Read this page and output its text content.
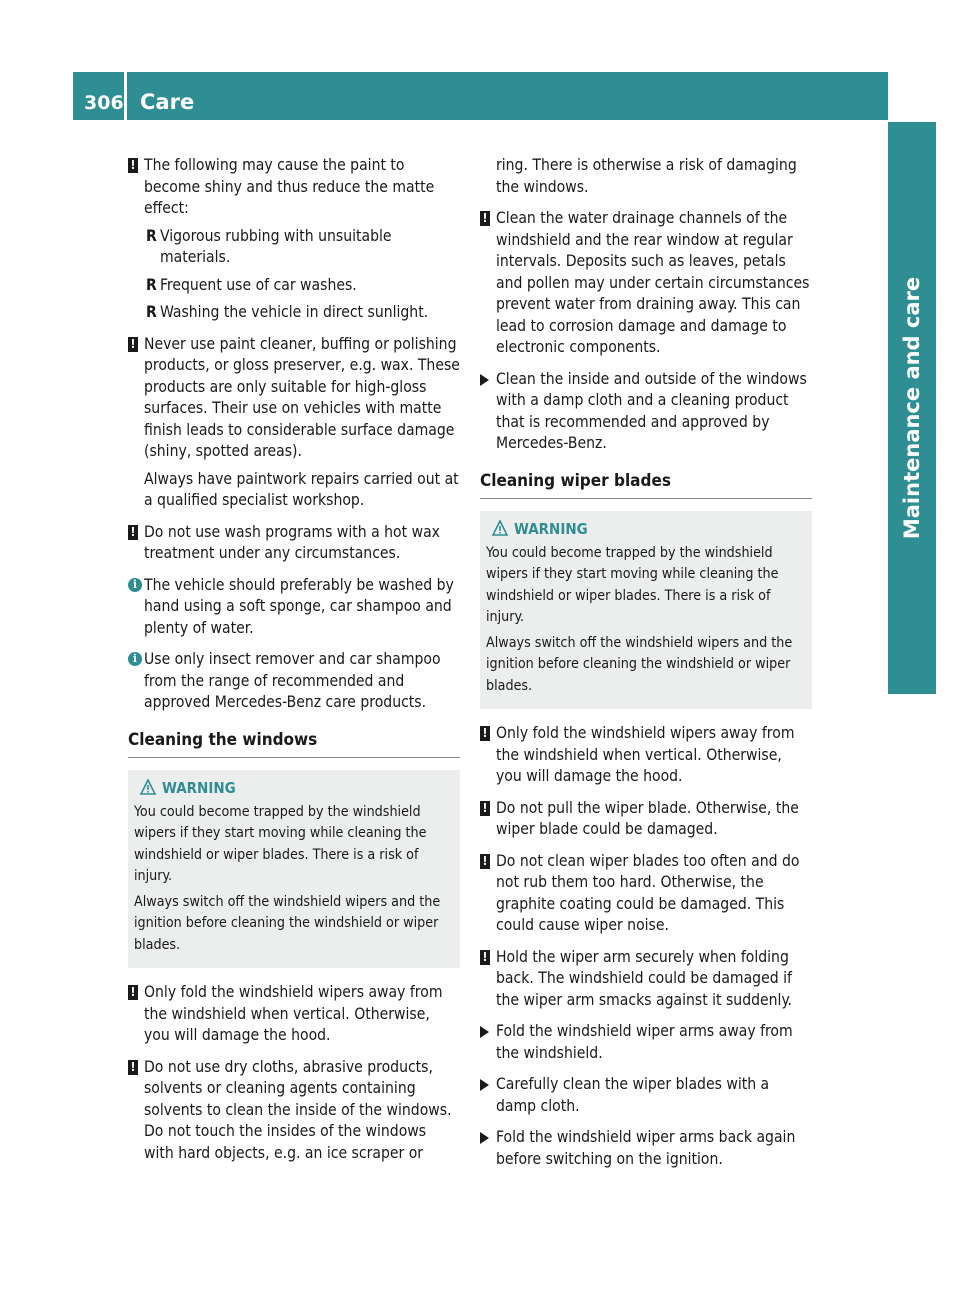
306 Care
Maintenance and care
! The following may cause the paint to become shiny and thus reduce the matte effect:
R Vigorous rubbing with unsuitable materials.
R Frequent use of car washes.
R Washing the vehicle in direct sunlight.
! Never use paint cleaner, buffing or polishing products, or gloss preserver, e.g. wax. These products are only suitable for high-gloss surfaces. Their use on vehicles with matte finish leads to considerable surface damage (shiny, spotted areas).
Always have paintwork repairs carried out at a qualified specialist workshop.
! Do not use wash programs with a hot wax treatment under any circumstances.
i The vehicle should preferably be washed by hand using a soft sponge, car shampoo and plenty of water.
i Use only insect remover and car shampoo from the range of recommended and approved Mercedes-Benz care products.
Cleaning the windows
WARNING

You could become trapped by the windshield wipers if they start moving while cleaning the windshield or wiper blades. There is a risk of injury.

Always switch off the windshield wipers and the ignition before cleaning the windshield or wiper blades.

! Only fold the windshield wipers away from the windshield when vertical. Otherwise, you will damage the hood.
! Do not use dry cloths, abrasive products, solvents or cleaning agents containing solvents to clean the inside of the windows. Do not touch the insides of the windows with hard objects, e.g. an ice scraper or
ring. There is otherwise a risk of damaging the windows.
! Clean the water drainage channels of the windshield and the rear window at regular intervals. Deposits such as leaves, petals and pollen may under certain circumstances prevent water from draining away. This can lead to corrosion damage and damage to electronic components.
Clean the inside and outside of the windows with a damp cloth and a cleaning product that is recommended and approved by Mercedes-Benz.
Cleaning wiper blades
WARNING

You could become trapped by the windshield wipers if they start moving while cleaning the windshield or wiper blades. There is a risk of injury.

Always switch off the windshield wipers and the ignition before cleaning the windshield or wiper blades.

! Only fold the windshield wipers away from the windshield when vertical. Otherwise, you will damage the hood.
! Do not pull the wiper blade. Otherwise, the wiper blade could be damaged.
! Do not clean wiper blades too often and do not rub them too hard. Otherwise, the graphite coating could be damaged. This could cause wiper noise.
! Hold the wiper arm securely when folding back. The windshield could be damaged if the wiper arm smacks against it suddenly.
Fold the windshield wiper arms away from the windshield.
Carefully clean the wiper blades with a damp cloth.
Fold the windshield wiper arms back again before switching on the ignition.
